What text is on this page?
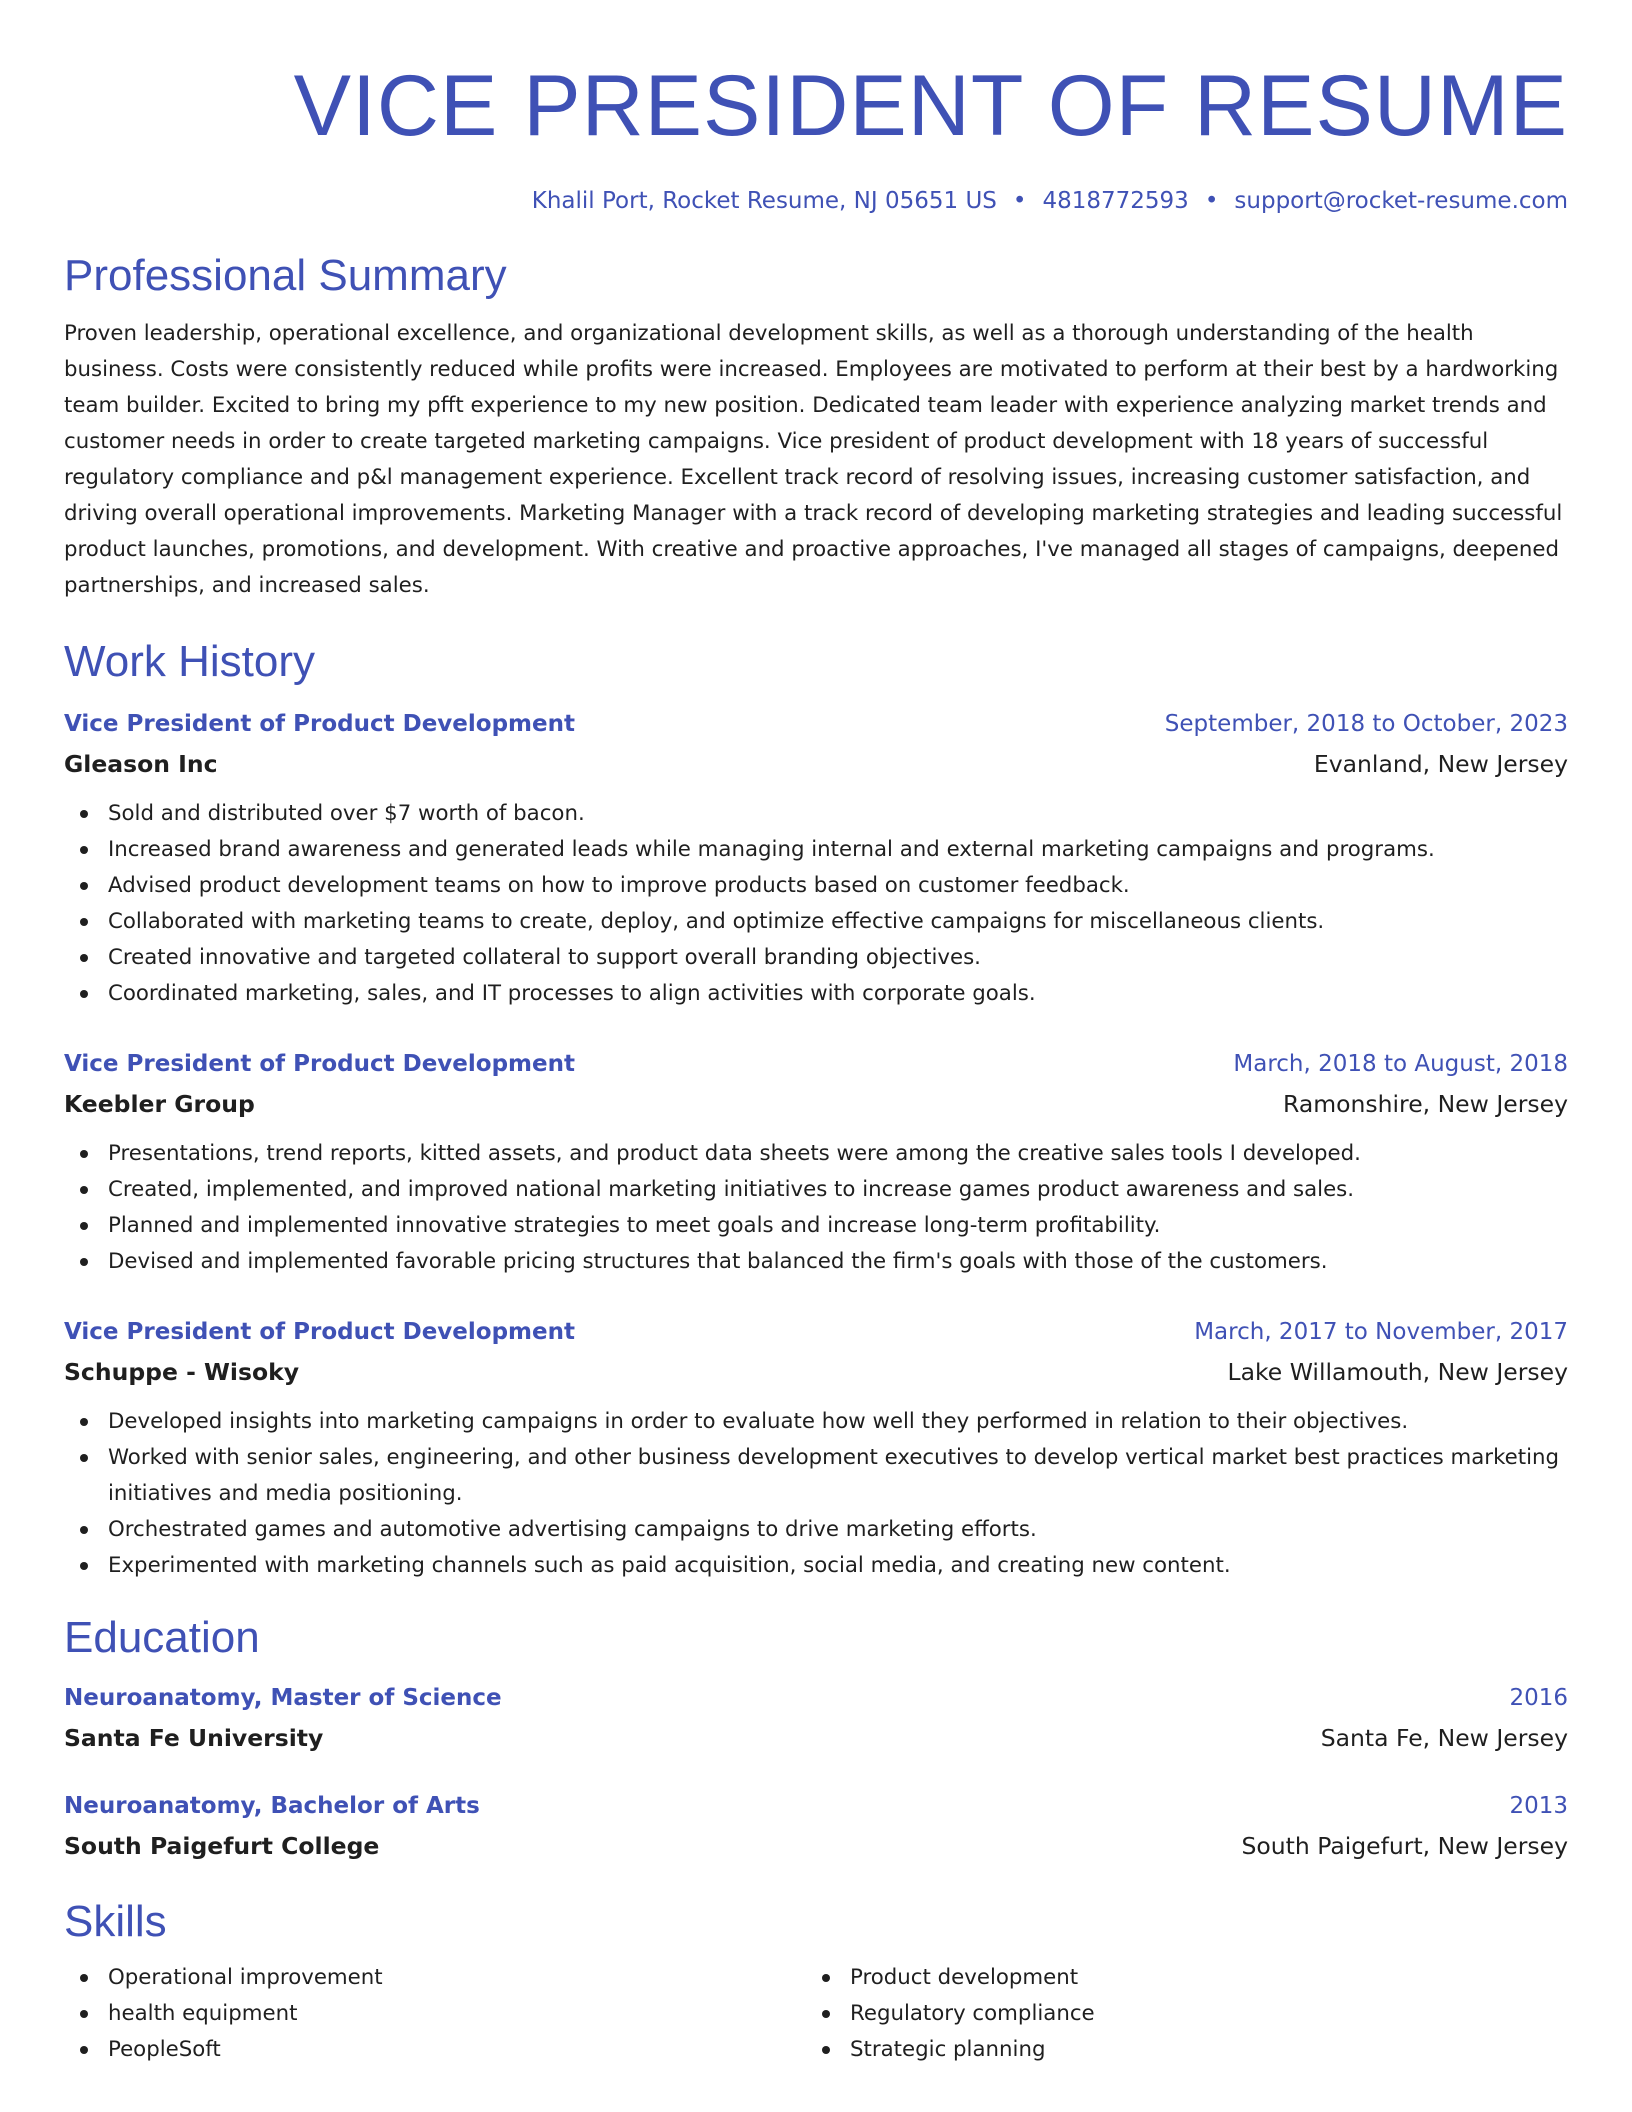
VICE PRESIDENT OF RESUME
Khalil Port, Rocket Resume, NJ 05651 US • 4818772593 • support@rocket-resume.com
Professional Summary
Proven leadership, operational excellence, and organizational development skills, as well as a thorough understanding of the health business. Costs were consistently reduced while profits were increased. Employees are motivated to perform at their best by a hardworking team builder. Excited to bring my pfft experience to my new position. Dedicated team leader with experience analyzing market trends and customer needs in order to create targeted marketing campaigns. Vice president of product development with 18 years of successful regulatory compliance and p&l management experience. Excellent track record of resolving issues, increasing customer satisfaction, and driving overall operational improvements. Marketing Manager with a track record of developing marketing strategies and leading successful product launches, promotions, and development. With creative and proactive approaches, I've managed all stages of campaigns, deepened partnerships, and increased sales.
Work History
Vice President of Product Development	September, 2018 to October, 2023
Gleason Inc	Evanland, New Jersey
Sold and distributed over $7 worth of bacon.
Increased brand awareness and generated leads while managing internal and external marketing campaigns and programs.
Advised product development teams on how to improve products based on customer feedback.
Collaborated with marketing teams to create, deploy, and optimize effective campaigns for miscellaneous clients.
Created innovative and targeted collateral to support overall branding objectives.
Coordinated marketing, sales, and IT processes to align activities with corporate goals.
Vice President of Product Development	March, 2018 to August, 2018
Keebler Group	Ramonshire, New Jersey
Presentations, trend reports, kitted assets, and product data sheets were among the creative sales tools I developed.
Created, implemented, and improved national marketing initiatives to increase games product awareness and sales.
Planned and implemented innovative strategies to meet goals and increase long-term profitability.
Devised and implemented favorable pricing structures that balanced the firm's goals with those of the customers.
Vice President of Product Development	March, 2017 to November, 2017
Schuppe - Wisoky	Lake Willamouth, New Jersey
Developed insights into marketing campaigns in order to evaluate how well they performed in relation to their objectives.
Worked with senior sales, engineering, and other business development executives to develop vertical market best practices marketing initiatives and media positioning.
Orchestrated games and automotive advertising campaigns to drive marketing efforts.
Experimented with marketing channels such as paid acquisition, social media, and creating new content.
Education
Neuroanatomy, Master of Science	2016
Santa Fe University	Santa Fe, New Jersey
Neuroanatomy, Bachelor of Arts	2013
South Paigefurt College	South Paigefurt, New Jersey
Skills
Operational improvement
health equipment
PeopleSoft
Product development
Regulatory compliance
Strategic planning
